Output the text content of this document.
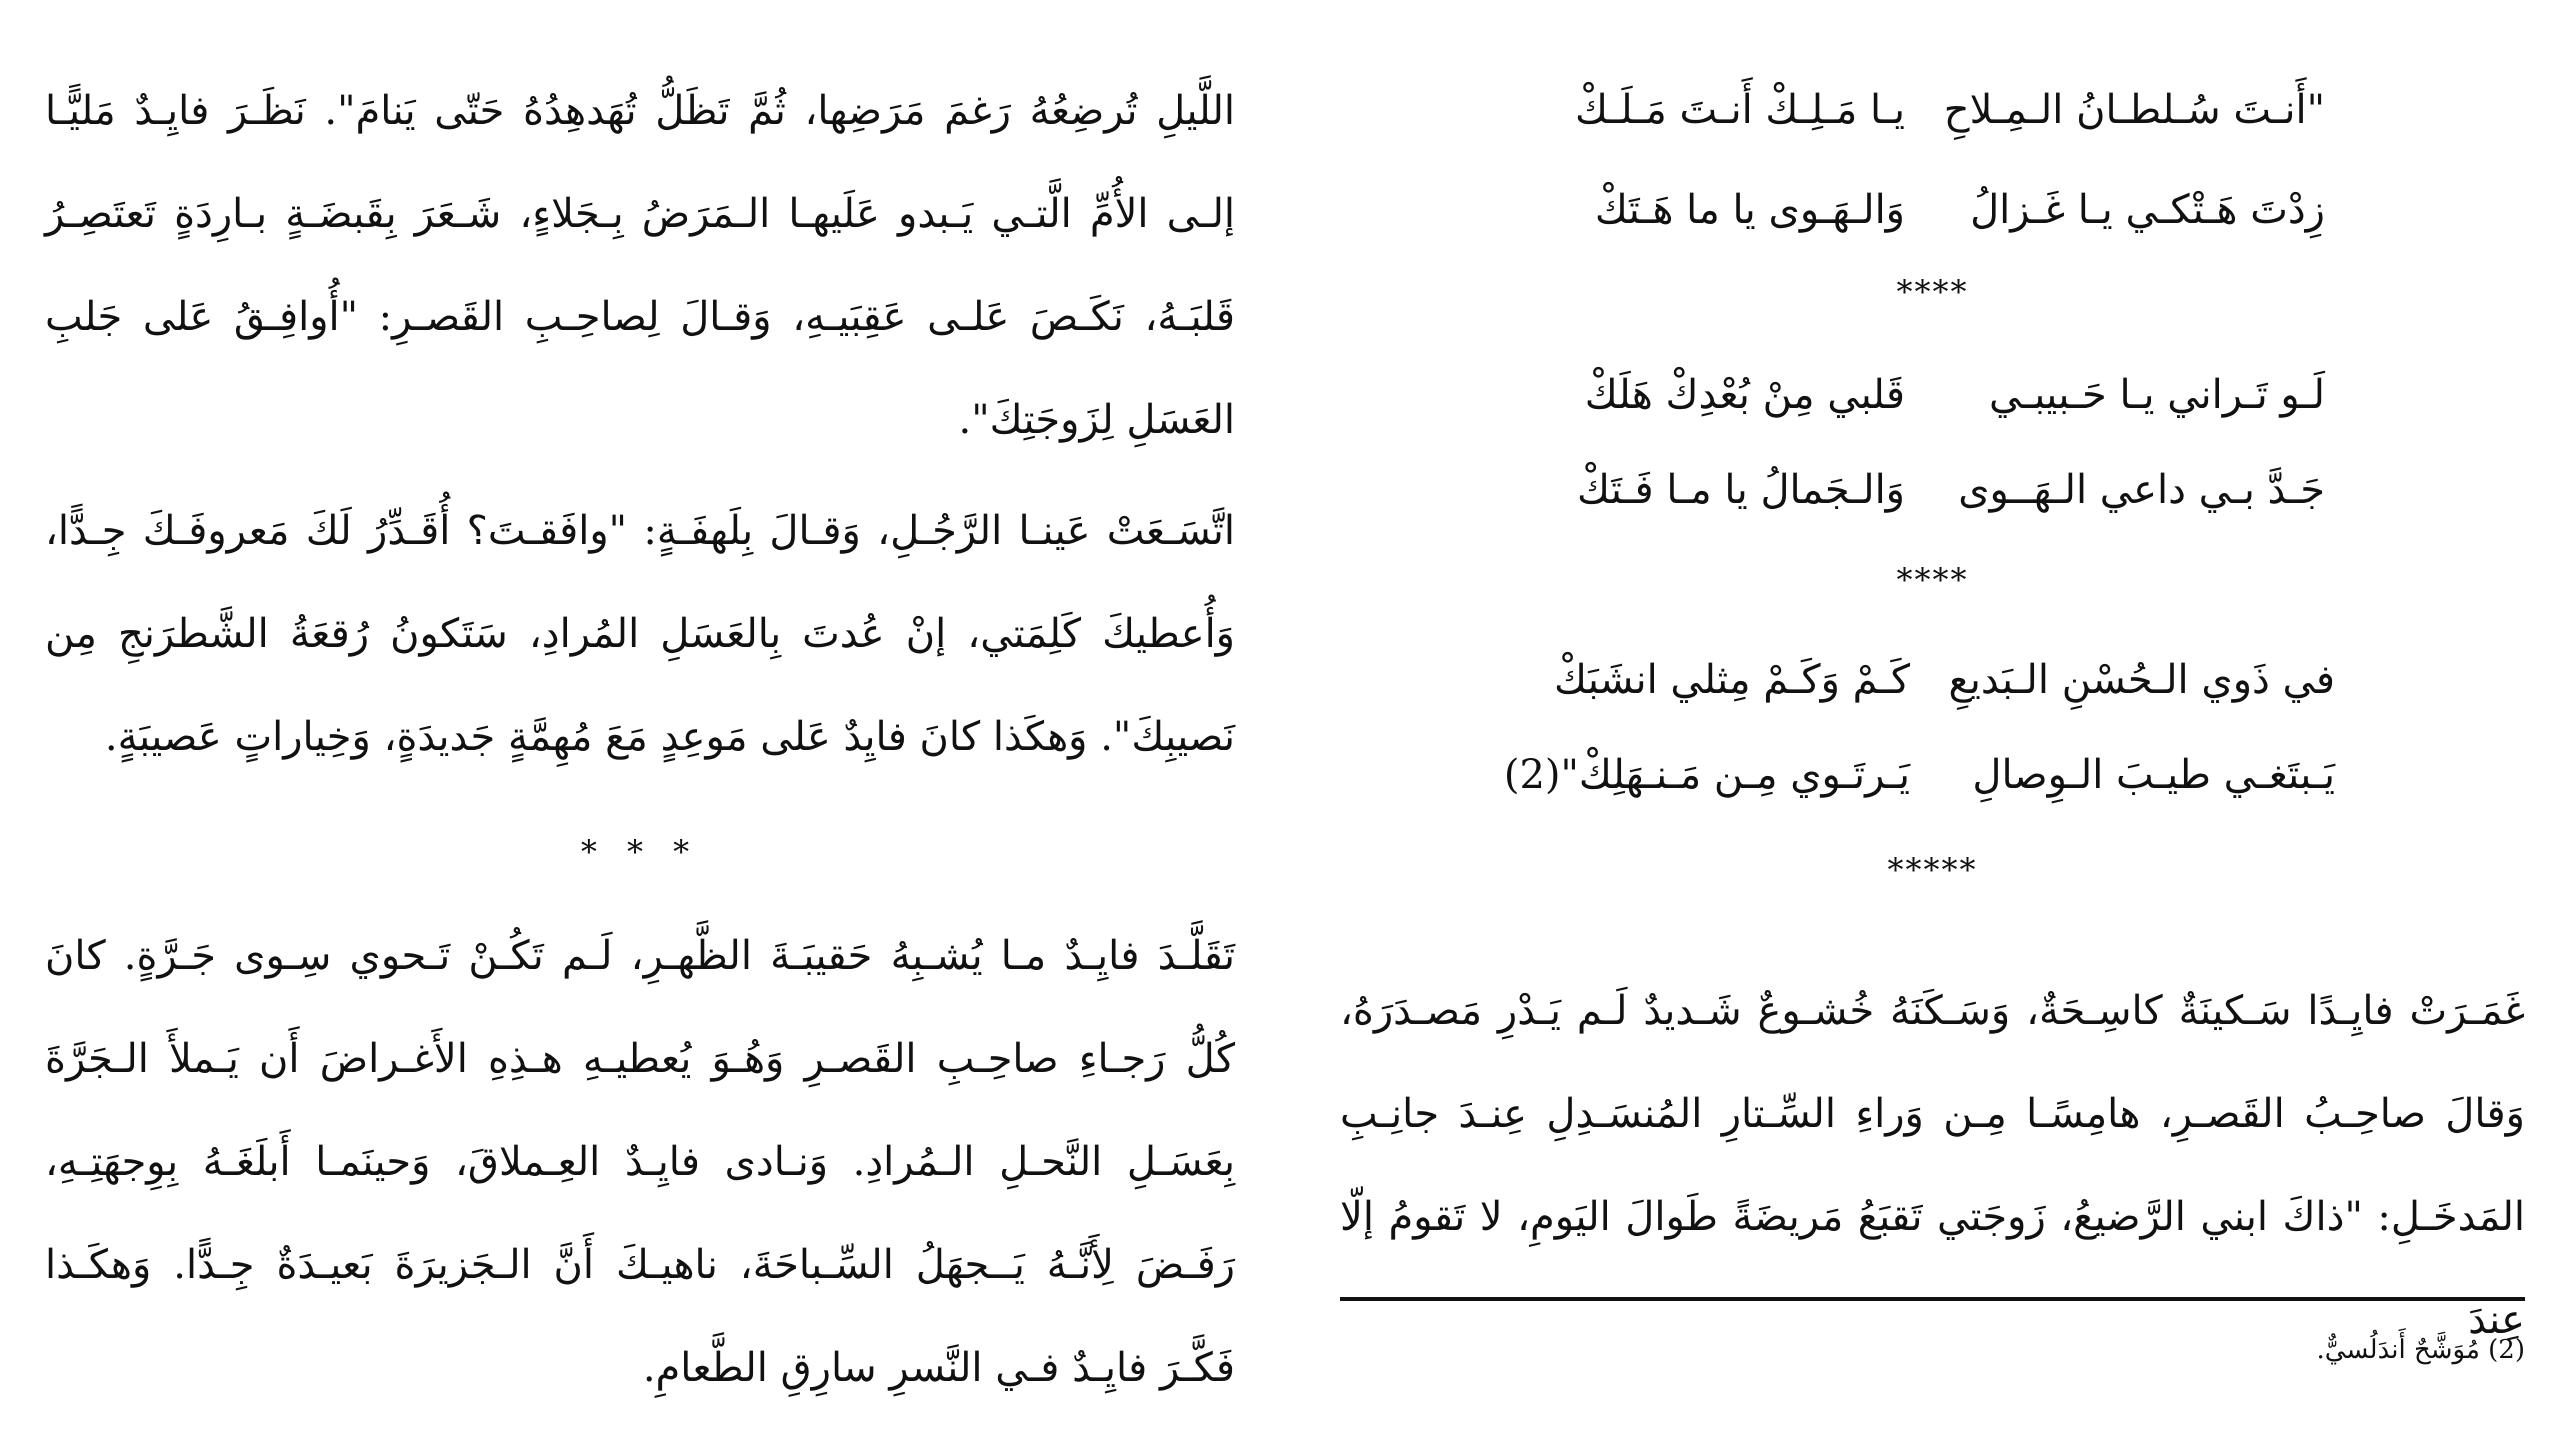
"أَنـتَ سُـلطـانُ الـمِـلاحِ
يـا مَـلِـكْ أَنـتَ مَـلَـكْ
زِدْتَ هَـتْكـي يـا غَـزالُ
وَالـهَـوى يا ما هَـتَكْ
****
لَـو تَـراني يـا حَـبيبـي
قَلبي مِنْ بُعْدِكْ هَلَكْ
جَـدَّ بـي داعي الـهَــوى
وَالـجَمالُ يا مـا فَـتَكْ
****
في ذَوي الـحُسْنِ الـبَديعِ
كَـمْ وَكَـمْ مِثلي انشَبَكْ
يَـبتَغـي طيـبَ الـوِصالِ
يَـرتَـوي مِـن مَـنـهَلِكْ"(2)
*****
غَمَـرَتْ فايِـدًا سَـكينَةٌ كاسِـحَةٌ، وَسَـكَنَهُ خُشـوعٌ شَـديدٌ لَـم يَـدْرِ مَصـدَرَهُ، وَقالَ صاحِـبُ القَصـرِ، هامِسًـا مِـن وَراءِ السِّـتارِ المُنسَـدِلِ عِنـدَ جانِـبِ المَدخَـلِ: "ذاكَ ابني الرَّضيعُ، زَوجَتي تَقبَعُ مَريضَةً طَوالَ اليَومِ، لا تَقومُ إلّا عِندَ
(2) مُوَشَّحٌ أَندَلُسيٌّ.
اللَّيلِ تُرضِعُهُ رَغمَ مَرَضِها، ثُمَّ تَظَلُّ تُهَدهِدُهُ حَتّى يَنامَ". نَظَـرَ فايِـدٌ مَليًّـا إلـى الأُمِّ الَّتـي يَـبدو عَلَيهـا الـمَرَضُ بِـجَلاءٍ، شَـعَرَ بِقَبضَـةٍ بـارِدَةٍ تَعتَصِـرُ قَلبَـهُ، نَكَـصَ عَلـى عَقِبَيـهِ، وَقـالَ لِصاحِـبِ القَصـرِ: "أُوافِـقُ عَلى جَلبِ العَسَلِ لِزَوجَتِكَ".
اتَّسَـعَتْ عَينـا الرَّجُـلِ، وَقـالَ بِلَهفَـةٍ: "وافَقـتَ؟ أُقَـدِّرُ لَكَ مَعروفَـكَ جِـدًّا، وَأُعطيكَ كَلِمَتي، إنْ عُدتَ بِالعَسَلِ المُرادِ، سَتَكونُ رُقعَةُ الشَّطرَنجِ مِن نَصيبِكَ". وَهكَذا كانَ فايِدٌ عَلى مَوعِدٍ مَعَ مُهِمَّةٍ جَديدَةٍ، وَخِياراتٍ عَصيبَةٍ.
* * *
تَقَلَّـدَ فايِـدٌ مـا يُشـبِهُ حَقيبَـةَ الظَّهـرِ، لَـم تَكُـنْ تَـحوي سِـوى جَـرَّةٍ. كانَ كُلُّ رَجـاءِ صاحِـبِ القَصـرِ وَهُـوَ يُعطيـهِ هـذِهِ الأَغـراضَ أَن يَـملأَ الـجَرَّةَ بِعَسَـلِ النَّحـلِ الـمُرادِ. وَنـادى فايِـدٌ العِـملاقَ، وَحينَمـا أَبلَغَـهُ بِوِجهَتِـهِ، رَفَـضَ لِأَنَّـهُ يَــجهَلُ السِّـباحَةَ، ناهيـكَ أَنَّ الـجَزيرَةَ بَعيـدَةٌ جِـدًّا. وَهكَـذا فَكَّـرَ فايِـدٌ فـي النَّسرِ سارِقِ الطَّعامِ.
